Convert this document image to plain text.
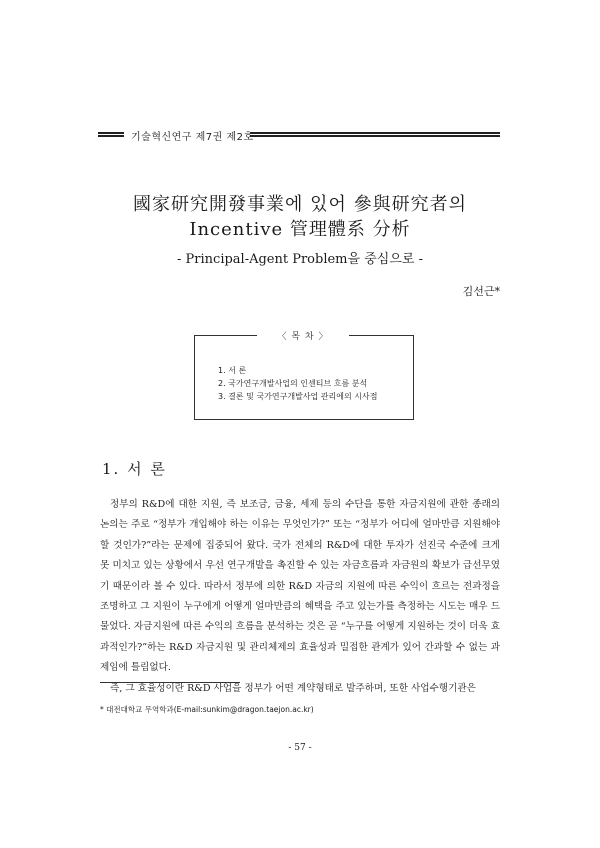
기술혁신연구 제7권 제2호
國家研究開發事業에 있어 參與研究者의
Incentive 管理體系 分析
- Principal-Agent Problem을 중심으로 -
김선근*
〈 목 차 〉
1. 서 론
2. 국가연구개발사업의 인센티브 흐름 분석
3. 결론 및 국가연구개발사업 관리에의 시사점
1. 서 론

정부의 R&D에 대한 지원, 즉 보조금, 금융, 세제 등의 수단을 통한 자금지원에 관한 종래의 논의는 주로 “정부가 개입해야 하는 이유는 무엇인가?” 또는 “정부가 어디에 얼마만큼 지원해야 할 것인가?”라는 문제에 집중되어 왔다. 국가 전체의 R&D에 대한 투자가 선진국 수준에 크게 못 미치고 있는 상황에서 우선 연구개발을 촉진할 수 있는 자금흐름과 자금원의 확보가 급선무였기 때문이라 볼 수 있다. 따라서 정부에 의한 R&D 자금의 지원에 따른 수익이 흐르는 전과정을 조명하고 그 지원이 누구에게 어떻게 얼마만큼의 혜택을 주고 있는가를 측정하는 시도는 매우 드물었다. 자금지원에 따른 수익의 흐름을 분석하는 것은 곧 “누구를 어떻게 지원하는 것이 더욱 효과적인가?”하는 R&D 자금지원 및 관리체제의 효율성과 밀접한 관계가 있어 간과할 수 없는 과제임에 틀림없다.

즉, 그 효율성이란 R&D 사업을 정부가 어떤 계약형태로 발주하며, 또한 사업수행기관은

* 대전대학교 무역학과(E-mail:sunkim@dragon.taejon.ac.kr)
- 57 -
